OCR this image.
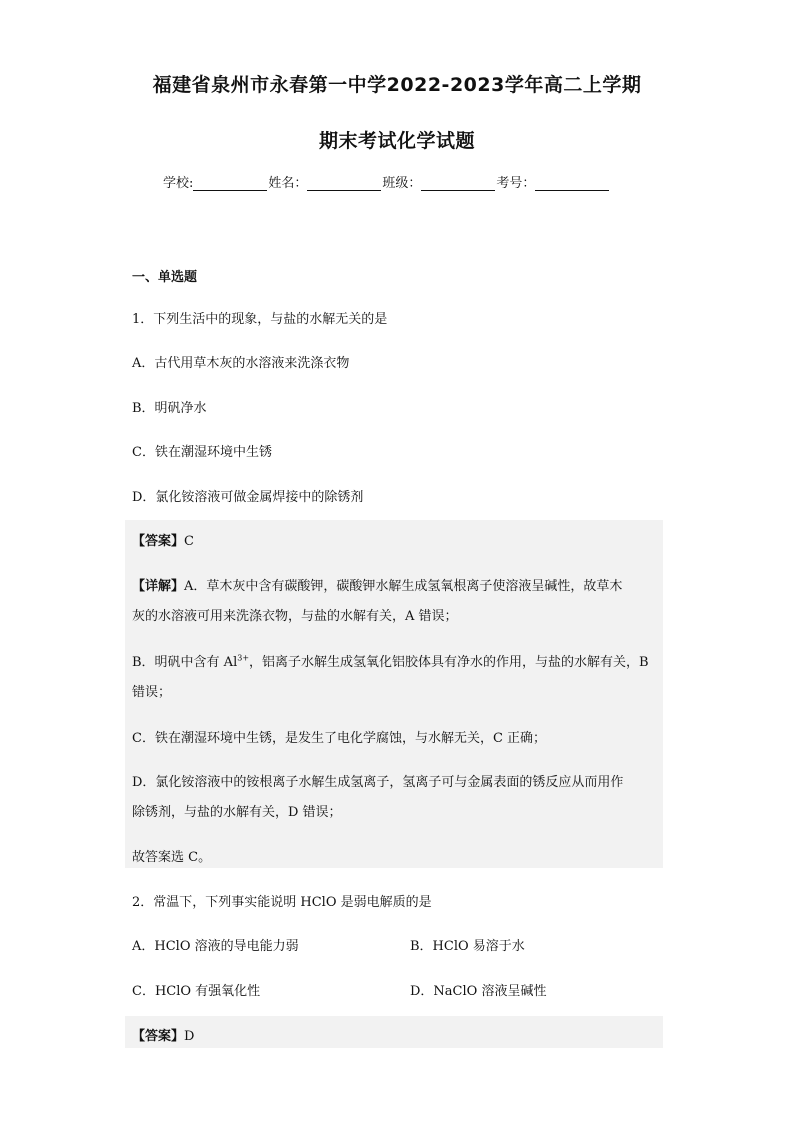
福建省泉州市永春第一中学2022-2023学年高二上学期
期末考试化学试题
学校:	姓名：	班级：	考号：
一、单选题
1．下列生活中的现象，与盐的水解无关的是
A．古代用草木灰的水溶液来洗涤衣物
B．明矾净水
C．铁在潮湿环境中生锈
D．氯化铵溶液可做金属焊接中的除锈剂
【答案】C
【详解】A．草木灰中含有碳酸钾，碳酸钾水解生成氢氧根离子使溶液呈碱性，故草木
灰的水溶液可用来洗涤衣物，与盐的水解有关，A 错误；
B．明矾中含有 $Al^{3+}$，铝离子水解生成氢氧化铝胶体具有净水的作用，与盐的水解有关，B
错误；
C．铁在潮湿环境中生锈，是发生了电化学腐蚀，与水解无关，C 正确；
D．氯化铵溶液中的铵根离子水解生成氢离子，氢离子可与金属表面的锈反应从而用作
除锈剂，与盐的水解有关，D 错误；
故答案选 C。
2．常温下，下列事实能说明 HClO 是弱电解质的是
A．HClO 溶液的导电能力弱	B．HClO 易溶于水
C．HClO 有强氧化性	D．NaClO 溶液呈碱性
【答案】D
